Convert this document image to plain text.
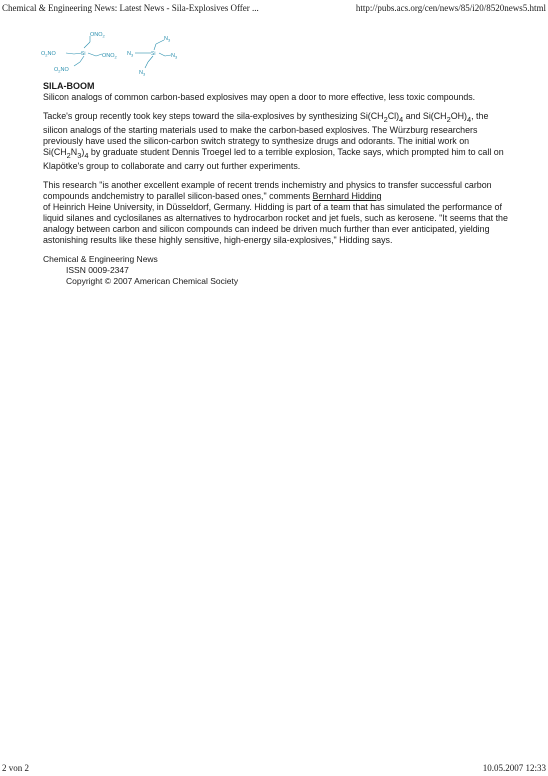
Chemical & Engineering News: Latest News - Sila-Explosives Offer ...	http://pubs.acs.org/cen/news/85/i20/8520news5.html
$ONO_2$
$O_2NO$	Si	$ONO_2$
$O_2NO$
$N_3$
$N_3$	Si	$N_3$
$N_3$
SILA-BOOM
Silicon analogs of common carbon-based explosives may open a door to more effective, less toxic compounds.

Tacke's group recently took key steps toward the sila-explosives by synthesizing $Si(CH_2Cl)_4$ and $Si(CH_2OH)_4$, the silicon analogs of the starting materials used to make the carbon-based explosives. The Würzburg researchers previously have used the silicon-carbon switch strategy to synthesize drugs and odorants. The initial work on $Si(CH_2N_3)_4$ by graduate student Dennis Troegel led to a terrible explosion, Tacke says, which prompted him to call on Klapötke's group to collaborate and carry out further experiments.

This research "is another excellent example of recent trends inchemistry and physics to transfer successful carbon compounds andchemistry to parallel silicon-based ones," comments Bernhard Hidding
of Heinrich Heine University, in Düsseldorf, Germany. Hidding is part of a team that has simulated the performance of liquid silanes and cyclosilanes as alternatives to hydrocarbon rocket and jet fuels, such as kerosene. "It seems that the analogy between carbon and silicon compounds can indeed be driven much further than ever anticipated, yielding astonishing results like these highly sensitive, high-energy sila-explosives," Hidding says.

Chemical & Engineering News
ISSN 0009-2347
Copyright © 2007 American Chemical Society
2 von 2	10.05.2007 12:33
